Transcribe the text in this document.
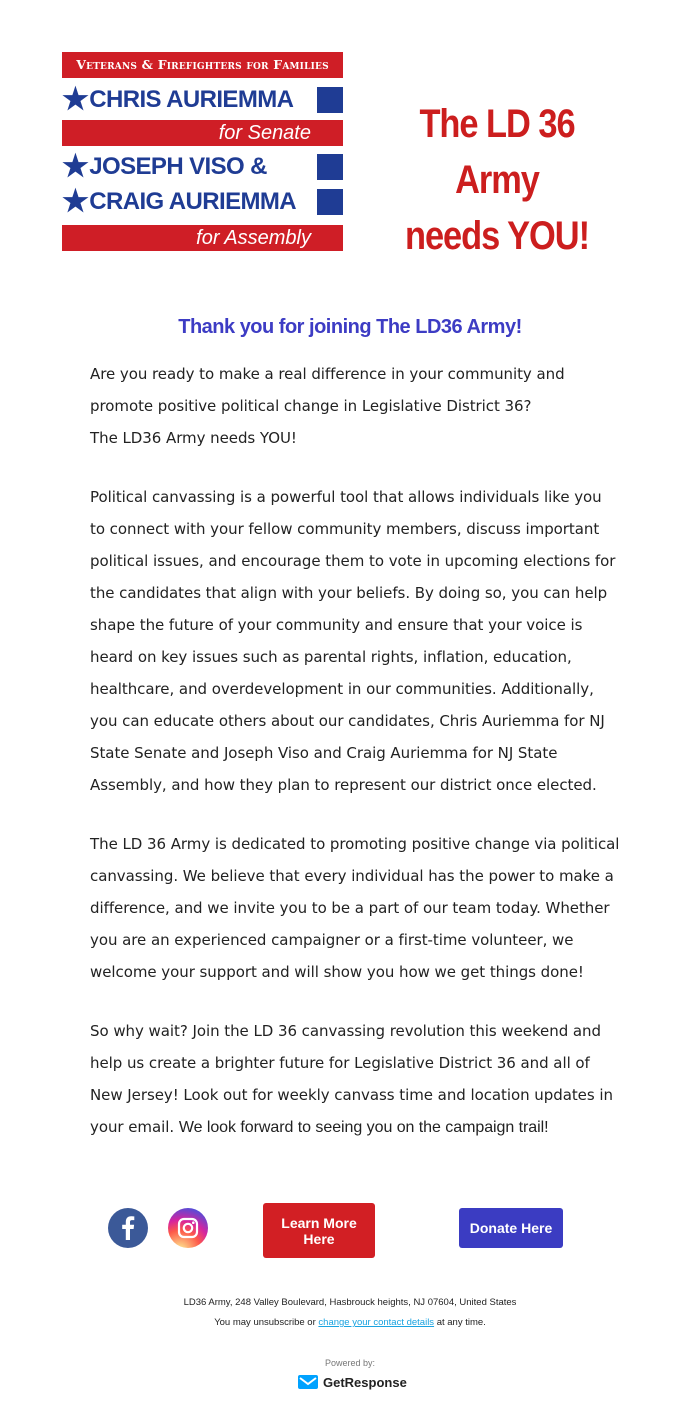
Veterans & Firefighters for Families
★CHRIS AURIEMMA
for Senate
★JOSEPH VISO &
★CRAIG AURIEMMA
for Assembly
The LD 36 Army
needs YOU!
Thank you for joining The LD36 Army!

Are you ready to make a real difference in your community and promote positive political change in Legislative District 36?
The LD36 Army needs YOU!

Political canvassing is a powerful tool that allows individuals like you to connect with your fellow community members, discuss important political issues, and encourage them to vote in upcoming elections for the candidates that align with your beliefs. By doing so, you can help shape the future of your community and ensure that your voice is heard on key issues such as parental rights, inflation, education, healthcare, and overdevelopment in our communities. Additionally, you can educate others about our candidates, Chris Auriemma for NJ State Senate and Joseph Viso and Craig Auriemma for NJ State Assembly, and how they plan to represent our district once elected.

The LD 36 Army is dedicated to promoting positive change via political canvassing. We believe that every individual has the power to make a difference, and we invite you to be a part of our team today. Whether you are an experienced campaigner or a first-time volunteer, we welcome your support and will show you how we get things done!

So why wait? Join the LD 36 canvassing revolution this weekend and help us create a brighter future for Legislative District 36 and all of New Jersey! Look out for weekly canvass time and location updates in your email. We look forward to seeing you on the campaign trail!

Learn More Here
Donate Here
LD36 Army, 248 Valley Boulevard, Hasbrouck heights, NJ 07604, United States
You may unsubscribe or change your contact details at any time.
Powered by:
GetResponse
